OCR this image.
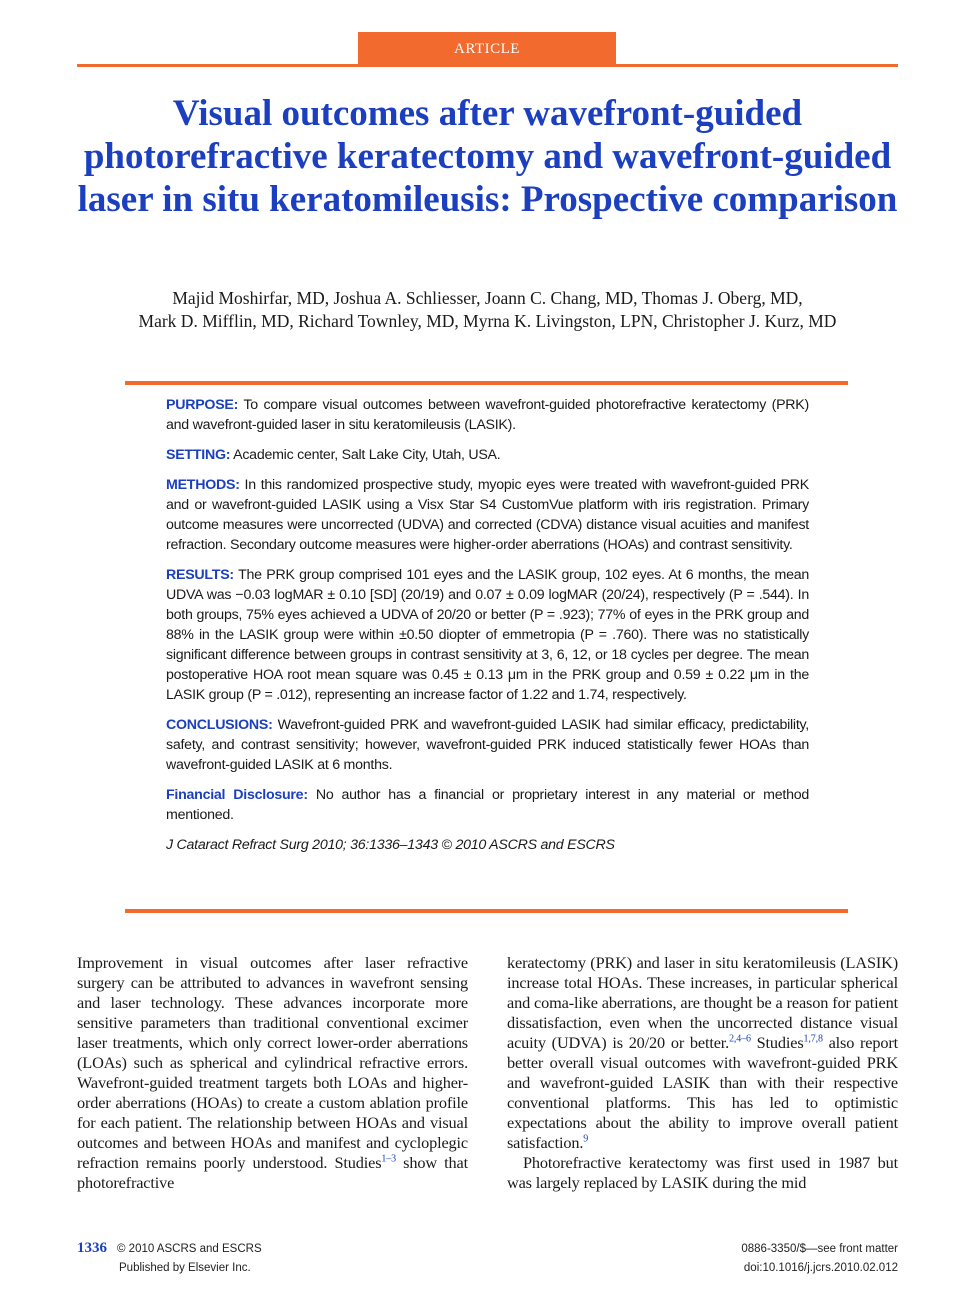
ARTICLE
Visual outcomes after wavefront-guided photorefractive keratectomy and wavefront-guided laser in situ keratomileusis: Prospective comparison
Majid Moshirfar, MD, Joshua A. Schliesser, Joann C. Chang, MD, Thomas J. Oberg, MD,
Mark D. Mifflin, MD, Richard Townley, MD, Myrna K. Livingston, LPN, Christopher J. Kurz, MD

PURPOSE: To compare visual outcomes between wavefront-guided photorefractive keratectomy (PRK) and wavefront-guided laser in situ keratomileusis (LASIK).

SETTING: Academic center, Salt Lake City, Utah, USA.

METHODS: In this randomized prospective study, myopic eyes were treated with wavefront-guided PRK and or wavefront-guided LASIK using a Visx Star S4 CustomVue platform with iris registration. Primary outcome measures were uncorrected (UDVA) and corrected (CDVA) distance visual acuities and manifest refraction. Secondary outcome measures were higher-order aberrations (HOAs) and contrast sensitivity.

RESULTS: The PRK group comprised 101 eyes and the LASIK group, 102 eyes. At 6 months, the mean UDVA was −0.03 logMAR ± 0.10 [SD] (20/19) and 0.07 ± 0.09 logMAR (20/24), respectively (P = .544). In both groups, 75% eyes achieved a UDVA of 20/20 or better (P = .923); 77% of eyes in the PRK group and 88% in the LASIK group were within ±0.50 diopter of emmetropia (P = .760). There was no statistically significant difference between groups in contrast sensitivity at 3, 6, 12, or 18 cycles per degree. The mean postoperative HOA root mean square was 0.45 ± 0.13 μm in the PRK group and 0.59 ± 0.22 μm in the LASIK group (P = .012), representing an increase factor of 1.22 and 1.74, respectively.

CONCLUSIONS: Wavefront-guided PRK and wavefront-guided LASIK had similar efficacy, predictability, safety, and contrast sensitivity; however, wavefront-guided PRK induced statistically fewer HOAs than wavefront-guided LASIK at 6 months.

Financial Disclosure: No author has a financial or proprietary interest in any material or method mentioned.

J Cataract Refract Surg 2010; 36:1336–1343 © 2010 ASCRS and ESCRS

Improvement in visual outcomes after laser refractive surgery can be attributed to advances in wavefront sensing and laser technology. These advances incorporate more sensitive parameters than traditional conventional excimer laser treatments, which only correct lower-order aberrations (LOAs) such as spherical and cylindrical refractive errors. Wavefront-guided treatment targets both LOAs and higher-order aberrations (HOAs) to create a custom ablation profile for each patient. The relationship between HOAs and visual outcomes and between HOAs and manifest and cycloplegic refraction remains poorly understood. Studies$^{1-3}$ show that photorefractive

keratectomy (PRK) and laser in situ keratomileusis (LASIK) increase total HOAs. These increases, in particular spherical and coma-like aberrations, are thought be a reason for patient dissatisfaction, even when the uncorrected distance visual acuity (UDVA) is 20/20 or better.$^{2,4-6}$ Studies$^{1,7,8}$ also report better overall visual outcomes with wavefront-guided PRK and wavefront-guided LASIK than with their respective conventional platforms. This has led to optimistic expectations about the ability to improve overall patient satisfaction.$^9$

Photorefractive keratectomy was first used in 1987 but was largely replaced by LASIK during the mid

1336 © 2010 ASCRS and ESCRS
Published by Elsevier Inc.
0886-3350/$—see front matter
doi:10.1016/j.jcrs.2010.02.012
